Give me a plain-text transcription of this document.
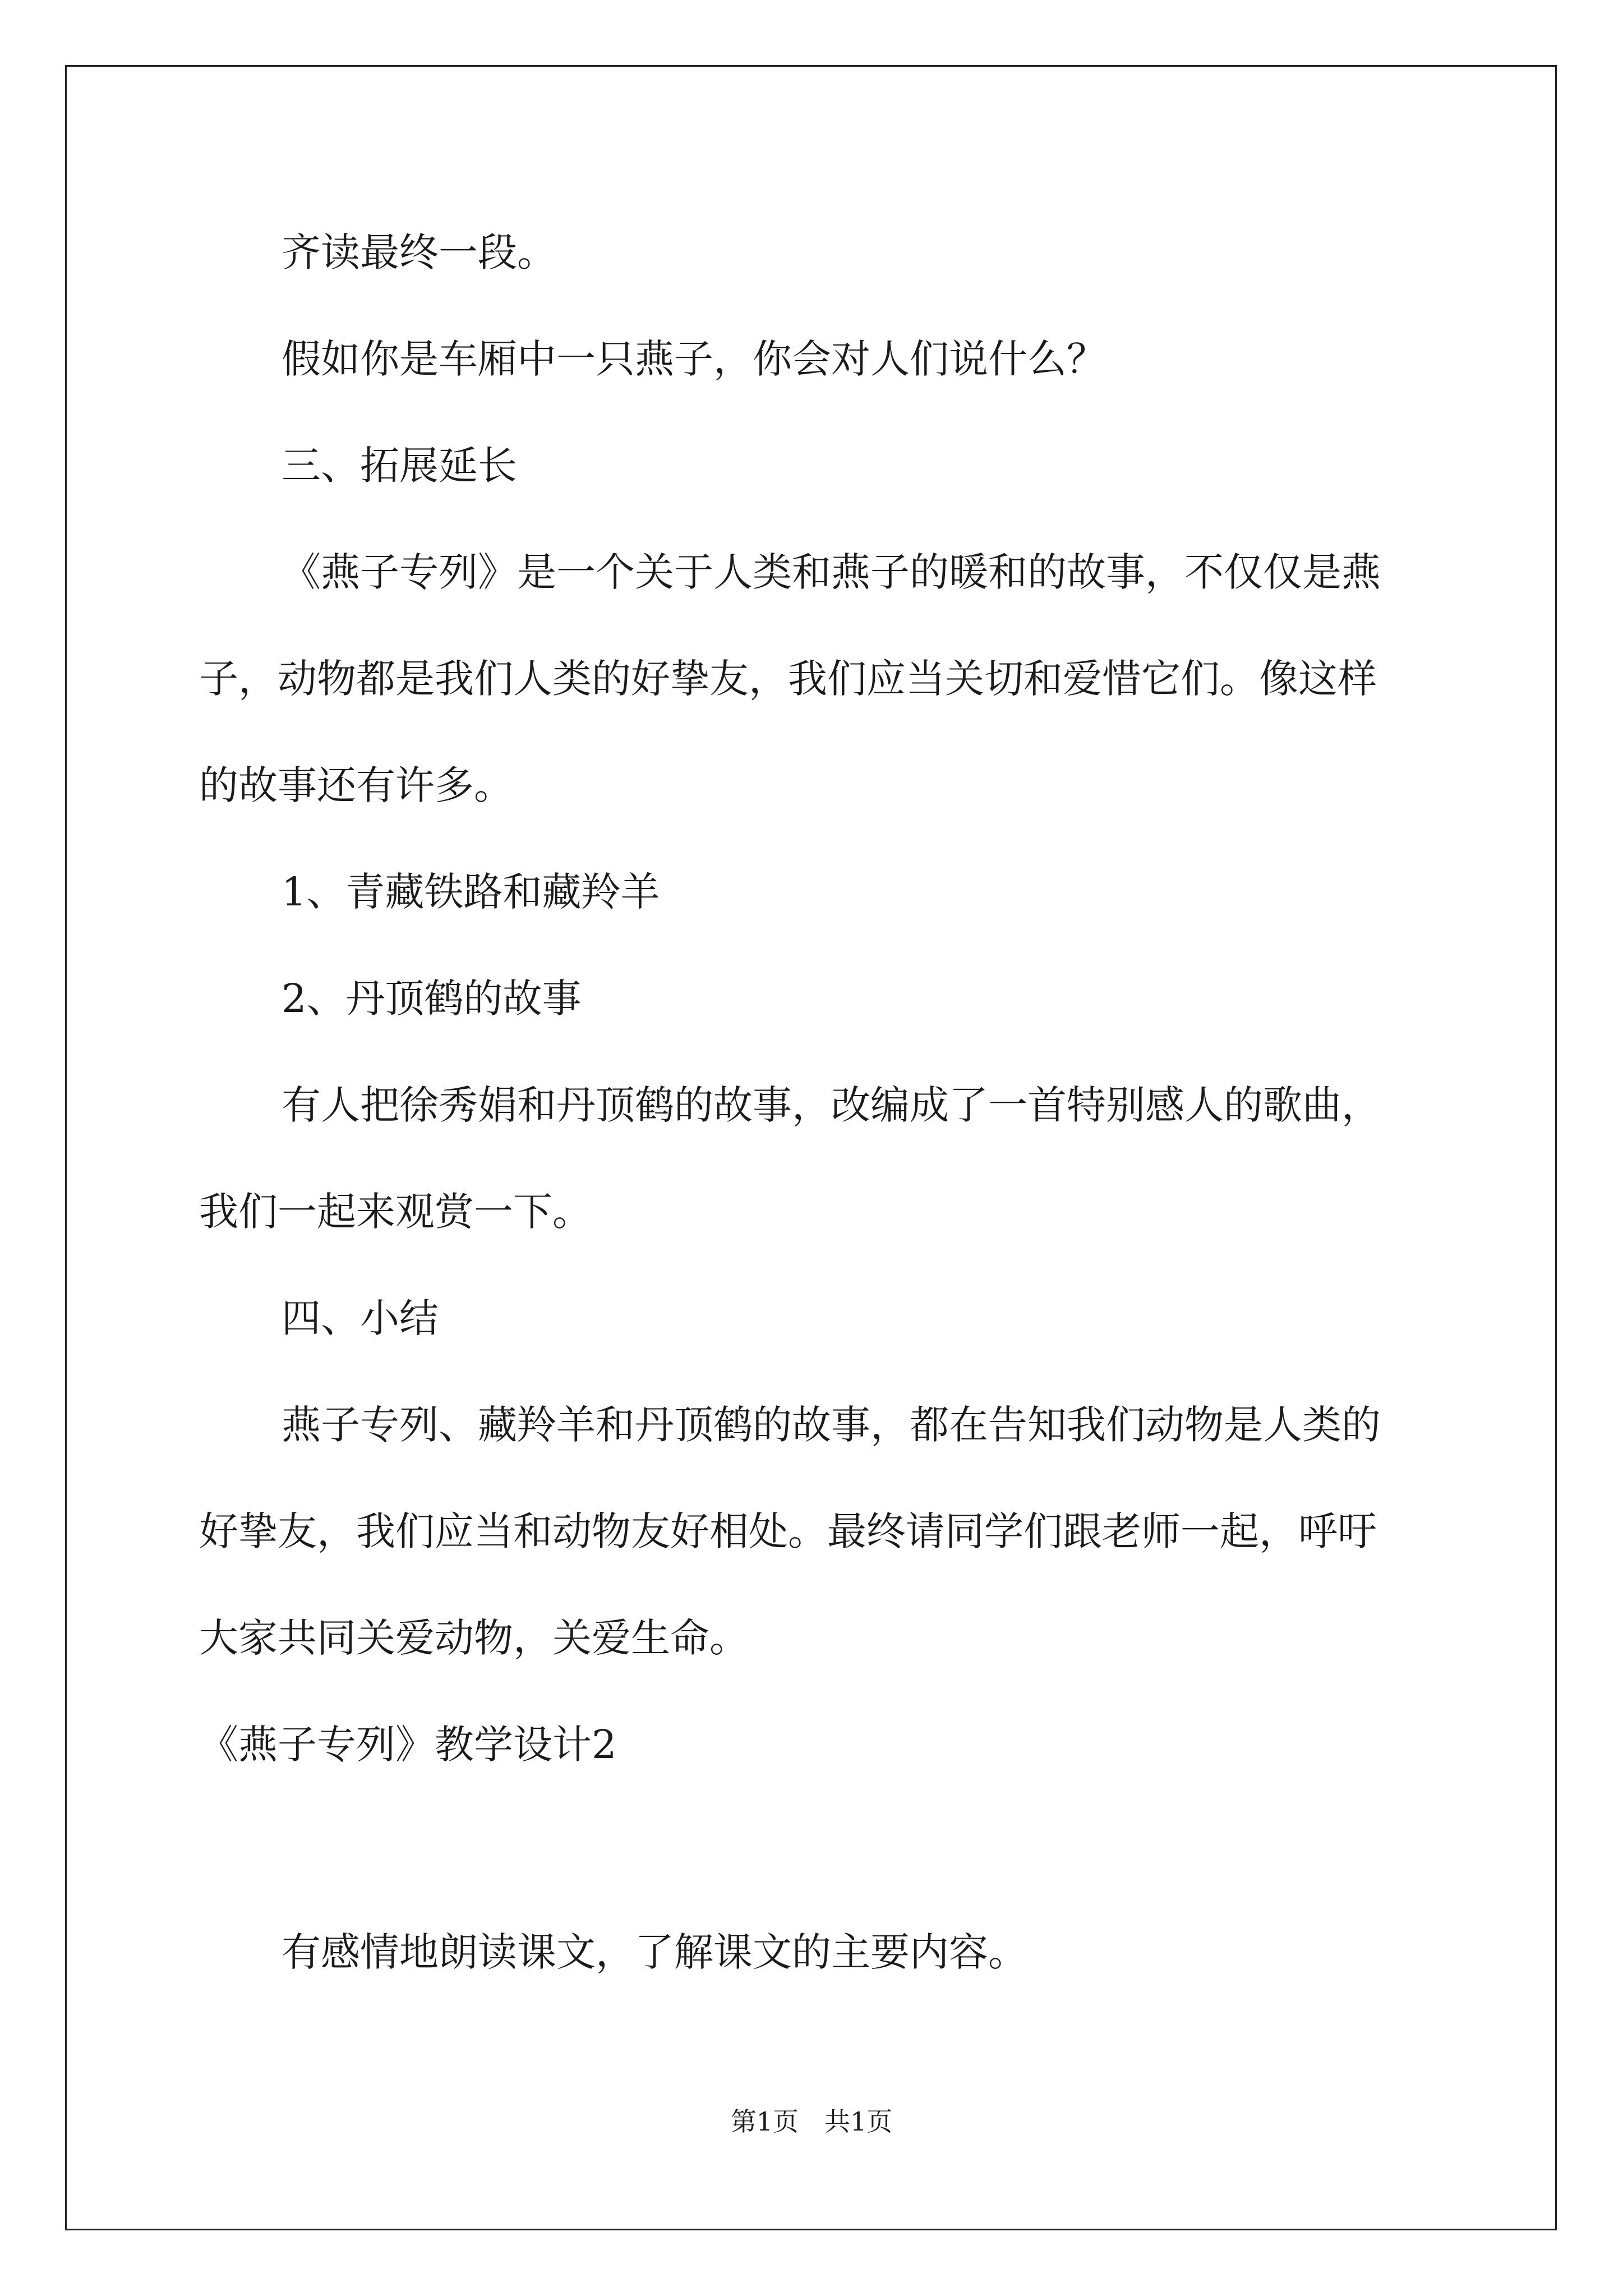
齐读最终一段。
假如你是车厢中一只燕子，你会对人们说什么？
三、拓展延长
《燕子专列》是一个关于人类和燕子的暖和的故事，不仅仅是燕
子，动物都是我们人类的好挚友，我们应当关切和爱惜它们。像这样
的故事还有许多。
1、青藏铁路和藏羚羊
2、丹顶鹤的故事
有人把徐秀娟和丹顶鹤的故事，改编成了一首特别感人的歌曲，
我们一起来观赏一下。
四、小结
燕子专列、藏羚羊和丹顶鹤的故事，都在告知我们动物是人类的
好挚友，我们应当和动物友好相处。最终请同学们跟老师一起，呼吁
大家共同关爱动物，关爱生命。
《燕子专列》教学设计2
有感情地朗读课文，了解课文的主要内容。
第1页　共1页
